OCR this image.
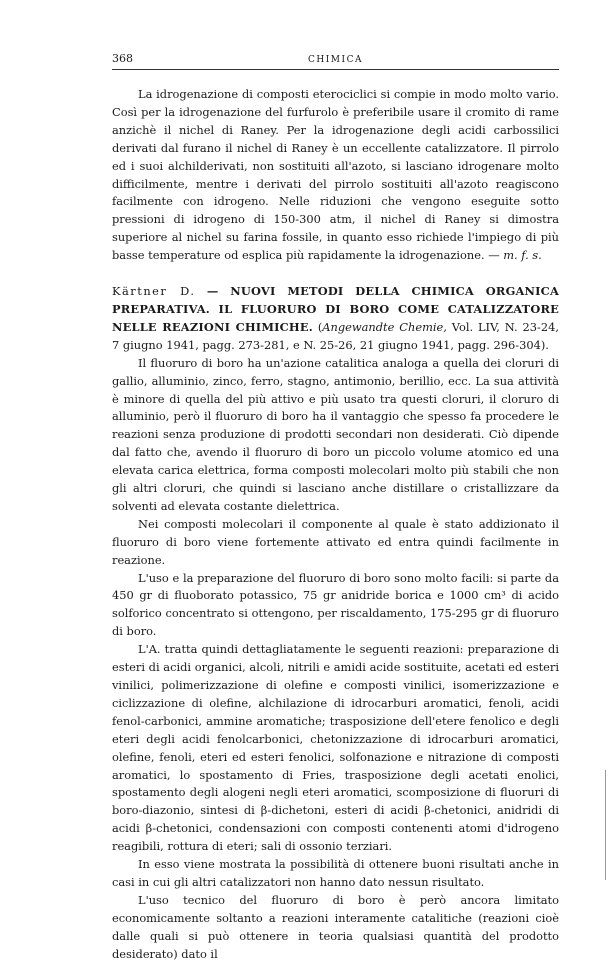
368	CHIMICA

La idrogenazione di composti eterociclici si compie in modo molto vario. Così per la idrogenazione del furfurolo è preferibile usare il cromito di rame anzichè il nichel di Raney. Per la idrogenazione degli acidi carbossilici derivati dal furano il nichel di Raney è un eccellente catalizzatore. Il pirrolo ed i suoi alchilderivati, non sostituiti all'azoto, si lasciano idrogenare molto difficilmente, mentre i derivati del pirrolo sostituiti all'azoto reagiscono facilmente con idrogeno. Nelle riduzioni che vengono eseguite sotto pressioni di idrogeno di 150-300 atm, il nichel di Raney si dimostra superiore al nichel su farina fossile, in quanto esso richiede l'impiego di più basse temperature od esplica più rapidamente la idrogenazione. — m. f. s.

Kärtner D. — NUOVI METODI DELLA CHIMICA ORGANICA PREPARATIVA. IL FLUORURO DI BORO COME CATALIZZATORE NELLE REAZIONI CHIMICHE. (Angewandte Chemie, Vol. LIV, N. 23-24, 7 giugno 1941, pagg. 273-281, e N. 25-26, 21 giugno 1941, pagg. 296-304).

Il fluoruro di boro ha un'azione catalitica analoga a quella dei cloruri di gallio, alluminio, zinco, ferro, stagno, antimonio, berillio, ecc. La sua attività è minore di quella del più attivo e più usato tra questi cloruri, il cloruro di alluminio, però il fluoruro di boro ha il vantaggio che spesso fa procedere le reazioni senza produzione di prodotti secondari non desiderati. Ciò dipende dal fatto che, avendo il fluoruro di boro un piccolo volume atomico ed una elevata carica elettrica, forma composti molecolari molto più stabili che non gli altri cloruri, che quindi si lasciano anche distillare o cristallizzare da solventi ad elevata costante dielettrica.

Nei composti molecolari il componente al quale è stato addizionato il fluoruro di boro viene fortemente attivato ed entra quindi facilmente in reazione.

L'uso e la preparazione del fluoruro di boro sono molto facili: si parte da 450 gr di fluoborato potassico, 75 gr anidride borica e 1000 cm³ di acido solforico concentrato si ottengono, per riscaldamento, 175-295 gr di fluoruro di boro.

L'A. tratta quindi dettagliatamente le seguenti reazioni: preparazione di esteri di acidi organici, alcoli, nitrili e amidi acide sostituite, acetati ed esteri vinilici, polimerizzazione di olefine e composti vinilici, isomerizzazione e ciclizzazione di olefine, alchilazione di idrocarburi aromatici, fenoli, acidi fenol-carbonici, ammine aromatiche; trasposizione dell'etere fenolico e degli eteri degli acidi fenolcarbonici, chetonizzazione di idrocarburi aromatici, olefine, fenoli, eteri ed esteri fenolici, solfonazione e nitrazione di composti aromatici, lo spostamento di Fries, trasposizione degli acetati enolici, spostamento degli alogeni negli eteri aromatici, scomposizione di fluoruri di boro-diazonio, sintesi di β-dichetoni, esteri di acidi β-chetonici, anidridi di acidi β-chetonici, condensazioni con composti contenenti atomi d'idrogeno reagibili, rottura di eteri; sali di ossonio terziari.

In esso viene mostrata la possibilità di ottenere buoni risultati anche in casi in cui gli altri catalizzatori non hanno dato nessun risultato.

L'uso tecnico del fluoruro di boro è però ancora limitato economicamente soltanto a reazioni interamente catalitiche (reazioni cioè dalle quali si può ottenere in teoria qualsiasi quantità del prodotto desiderato) dato il
